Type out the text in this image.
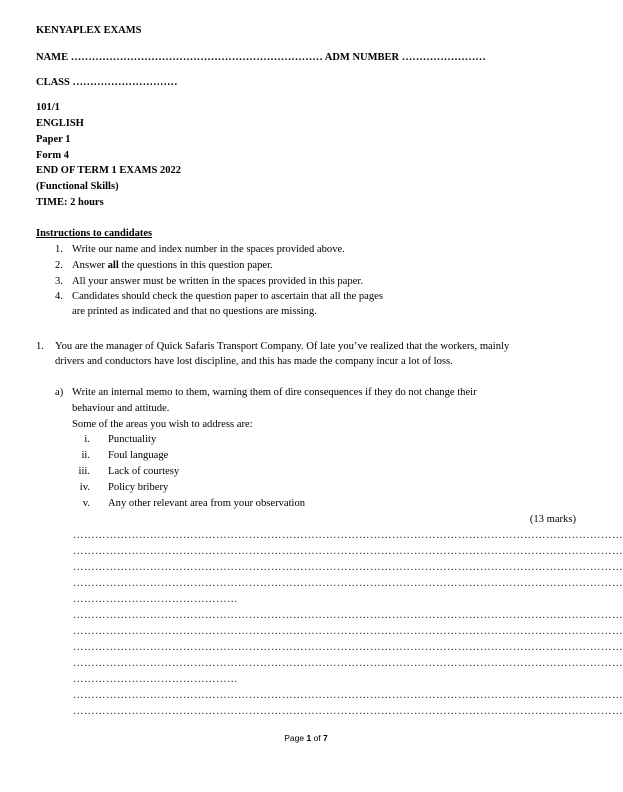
KENYAPLEX EXAMS
NAME ……………………………………………………………… ADM NUMBER ……………………
CLASS …………………………
101/1
ENGLISH
Paper 1
Form 4
END OF TERM 1 EXAMS 2022
(Functional Skills)
TIME: 2 hours
Instructions to candidates
1. Write our name and index number in the spaces provided above.
2. Answer all the questions in this question paper.
3. All your answer must be written in the spaces provided in this paper.
4. Candidates should check the question paper to ascertain that all the pages
are printed as indicated and that no questions are missing.
1. You are the manager of Quick Safaris Transport Company. Of late you’ve realized that the workers, mainly
drivers and conductors have lost discipline, and this has made the company incur a lot of loss.
a) Write an internal memo to them, warning them of dire consequences if they do not change their
behaviour and attitude.
Some of the areas you wish to address are:
i. Punctuality
ii. Foul language
iii. Lack of courtesy
iv. Policy bribery
v. Any other relevant area from your observation
(13 marks)
……………………………………………………………………………………………………………………………………
……………………………………………………………………………………………………………………………………
……………………………………………………………………………………………………………………………………
……………………………………………………………………………………………………………………………………
………………………………………
……………………………………………………………………………………………………………………………………
……………………………………………………………………………………………………………………………………
……………………………………………………………………………………………………………………………………
……………………………………………………………………………………………………………………………………
………………………………………
……………………………………………………………………………………………………………………………………
……………………………………………………………………………………………………………………………………
Page 1 of 7
